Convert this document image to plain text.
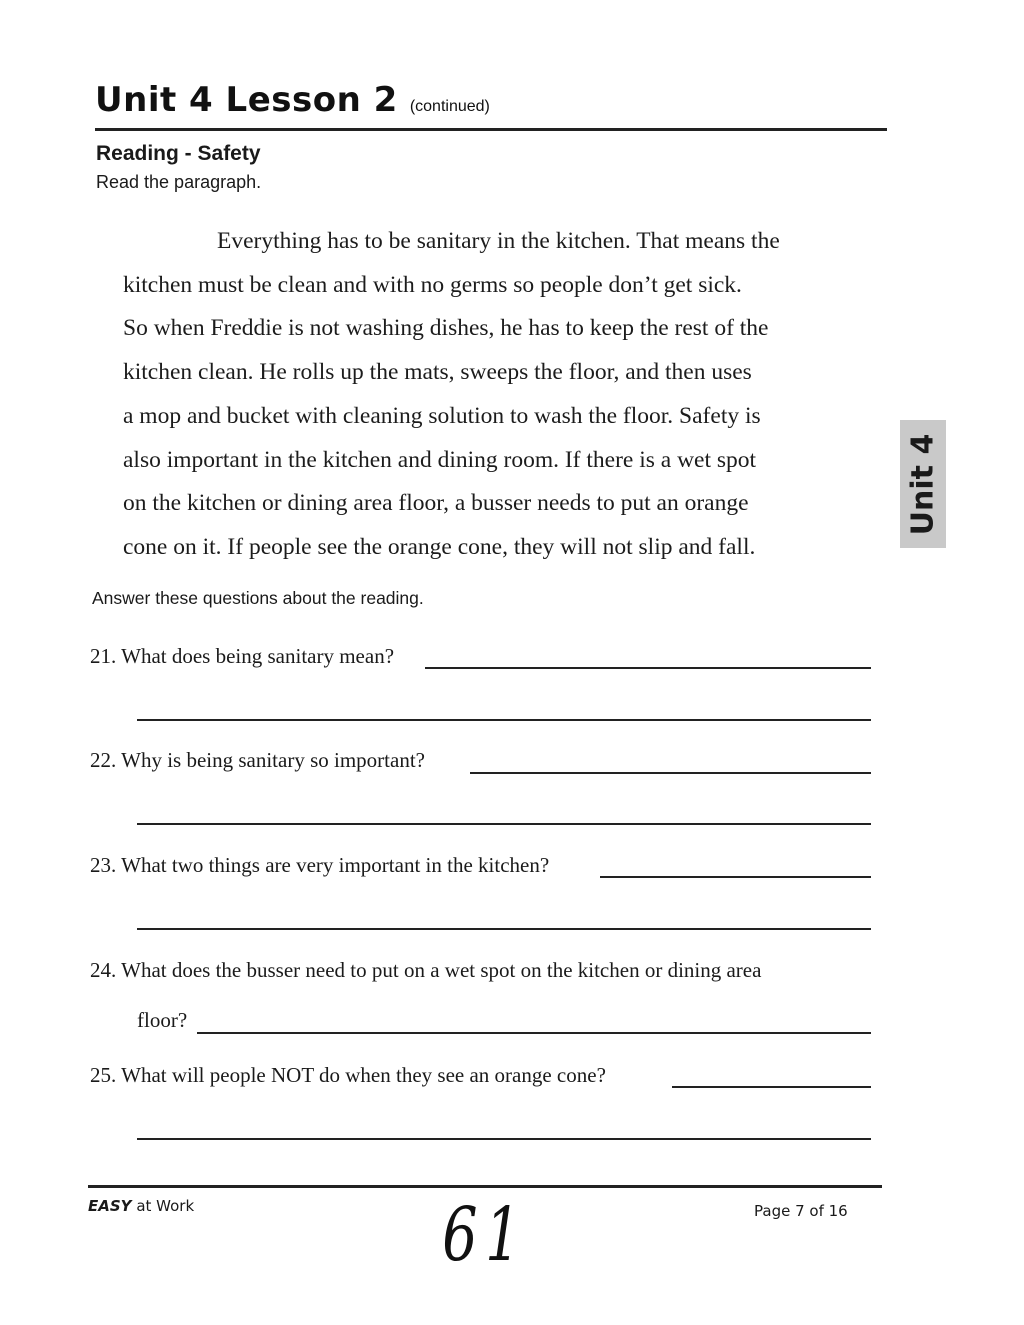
Unit 4 Lesson 2 (continued)
Reading - Safety
Read the paragraph.
Everything has to be sanitary in the kitchen. That means the
kitchen must be clean and with no germs so people don’t get sick.
So when Freddie is not washing dishes, he has to keep the rest of the
kitchen clean. He rolls up the mats, sweeps the floor, and then uses
a mop and bucket with cleaning solution to wash the floor. Safety is
also important in the kitchen and dining room. If there is a wet spot
on the kitchen or dining area floor, a busser needs to put an orange
cone on it. If people see the orange cone, they will not slip and fall.
Unit 4
Answer these questions about the reading.
21. What does being sanitary mean?
22. Why is being sanitary so important?
23. What two things are very important in the kitchen?
24. What does the busser need to put on a wet spot on the kitchen or dining area
floor?
25. What will people NOT do when they see an orange cone?
EASY at Work	61	Page 7 of 16
